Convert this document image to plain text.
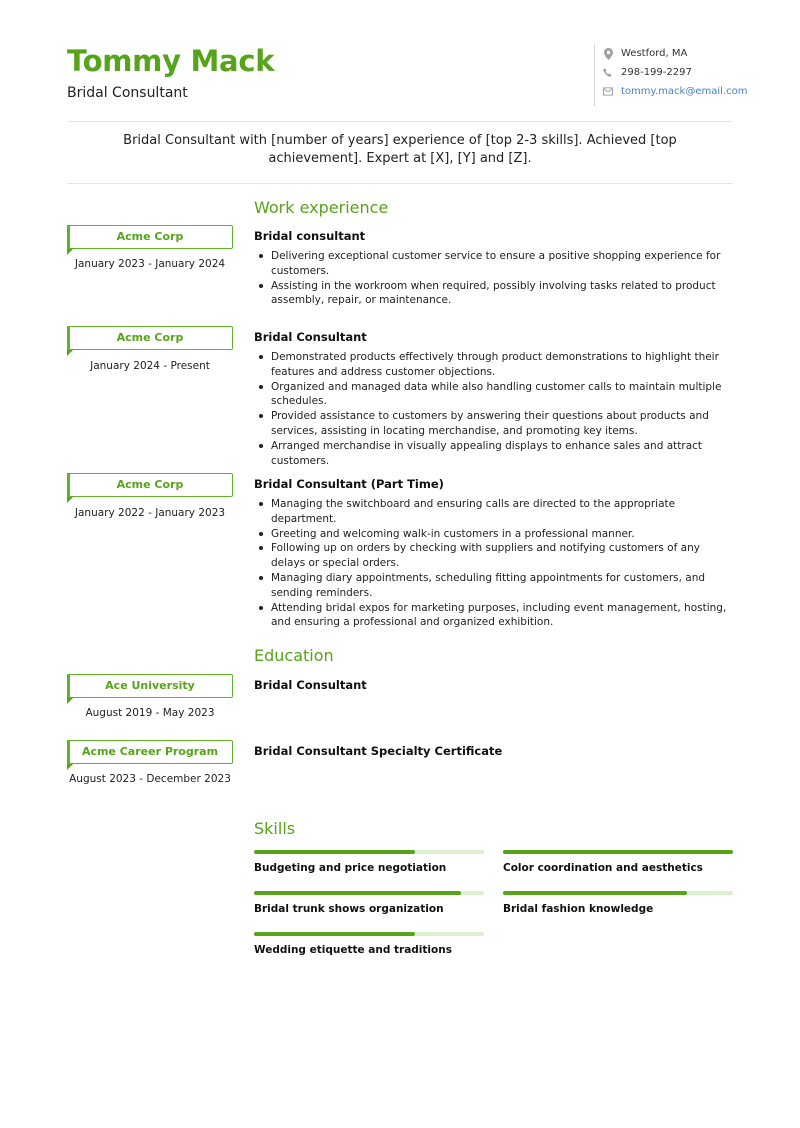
Tommy Mack
Bridal Consultant
Westford, MA
298-199-2297
tommy.mack@email.com
Bridal Consultant with [number of years] experience of [top 2-3 skills]. Achieved [top achievement]. Expert at [X], [Y] and [Z].
Work experience
Acme Corp
January 2023 - January 2024
Bridal consultant
Delivering exceptional customer service to ensure a positive shopping experience for customers.
Assisting in the workroom when required, possibly involving tasks related to product assembly, repair, or maintenance.
Acme Corp
January 2024 - Present
Bridal Consultant
Demonstrated products effectively through product demonstrations to highlight their features and address customer objections.
Organized and managed data while also handling customer calls to maintain multiple schedules.
Provided assistance to customers by answering their questions about products and services, assisting in locating merchandise, and promoting key items.
Arranged merchandise in visually appealing displays to enhance sales and attract customers.
Acme Corp
January 2022 - January 2023
Bridal Consultant (Part Time)
Managing the switchboard and ensuring calls are directed to the appropriate department.
Greeting and welcoming walk-in customers in a professional manner.
Following up on orders by checking with suppliers and notifying customers of any delays or special orders.
Managing diary appointments, scheduling fitting appointments for customers, and sending reminders.
Attending bridal expos for marketing purposes, including event management, hosting, and ensuring a professional and organized exhibition.
Education
Ace University
August 2019 - May 2023
Bridal Consultant
Acme Career Program
August 2023 - December 2023
Bridal Consultant Specialty Certificate
Skills
Budgeting and price negotiation	Color coordination and aesthetics
Bridal trunk shows organization	Bridal fashion knowledge
Wedding etiquette and traditions
